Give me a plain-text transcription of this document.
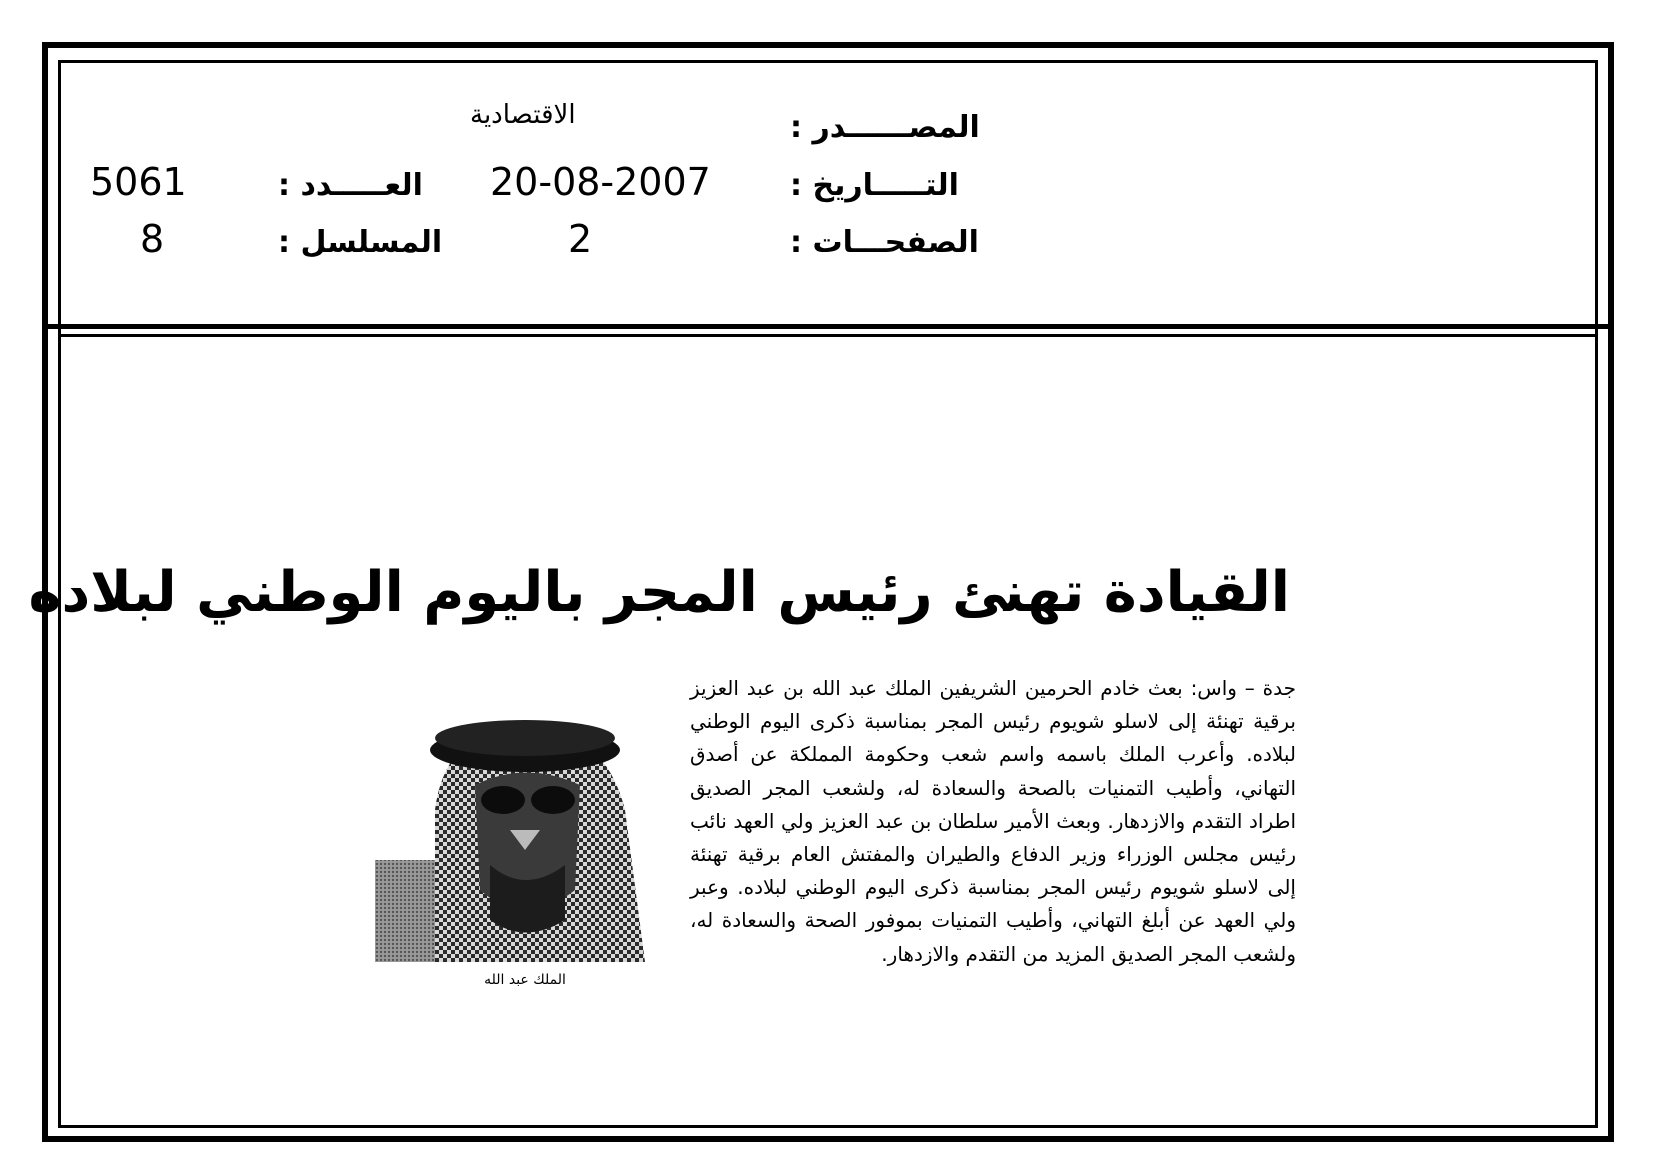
المصــــــدر :
الاقتصادية
التـــــاريخ :
20-08-2007
العـــــدد :
5061
الصفحـــات :
2
المسلسل :
8
القيادة تهنئ رئيس المجر باليوم الوطني لبلاده
جدة – واس: بعث خادم الحرمين الشريفين الملك عبد الله بن عبد العزيز برقية تهنئة إلى لاسلو شويوم رئيس المجر بمناسبة ذكرى اليوم الوطني لبلاده. وأعرب الملك باسمه واسم شعب وحكومة المملكة عن أصدق التهاني، وأطيب التمنيات بالصحة والسعادة له، ولشعب المجر الصديق اطراد التقدم والازدهار. وبعث الأمير سلطان بن عبد العزيز ولي العهد نائب رئيس مجلس الوزراء وزير الدفاع والطيران والمفتش العام برقية تهنئة إلى لاسلو شويوم رئيس المجر بمناسبة ذكرى اليوم الوطني لبلاده. وعبر ولي العهد عن أبلغ التهاني، وأطيب التمنيات بموفور الصحة والسعادة له، ولشعب المجر الصديق المزيد من التقدم والازدهار.
الملك عبد الله
